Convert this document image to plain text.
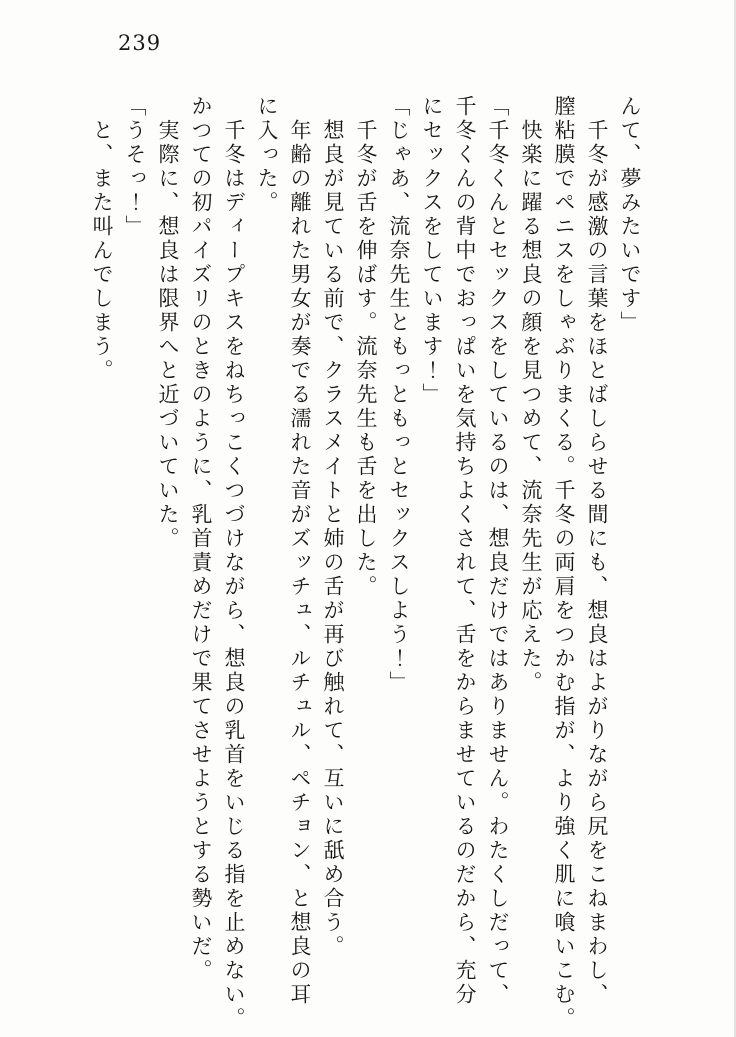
239
んて、夢みたいです」
千冬が感激の言葉をほとばしらせる間にも、想良はよがりながら尻をこねまわし、
膣粘膜でペニスをしゃぶりまくる。千冬の両肩をつかむ指が、より強く肌に喰いこむ。
快楽に躍る想良の顔を見つめて、流奈先生が応えた。
「千冬くんとセックスをしているのは、想良だけではありません。わたくしだって、
千冬くんの背中でおっぱいを気持ちよくされて、舌をからませているのだから、充分
にセックスをしています！」
「じゃあ、流奈先生ともっともっとセックスしよう！」
千冬が舌を伸ばす。流奈先生も舌を出した。
想良が見ている前で、クラスメイトと姉の舌が再び触れて、互いに舐め合う。
年齢の離れた男女が奏でる濡れた音がズッチュ、ルチュル、ペチョン、と想良の耳
に入った。
千冬はディープキスをねちっこくつづけながら、想良の乳首をいじる指を止めない。
かつての初パイズリのときのように、乳首責めだけで果てさせようとする勢いだ。
実際に、想良は限界へと近づいていた。
「うそっ！」
と、また叫んでしまう。
